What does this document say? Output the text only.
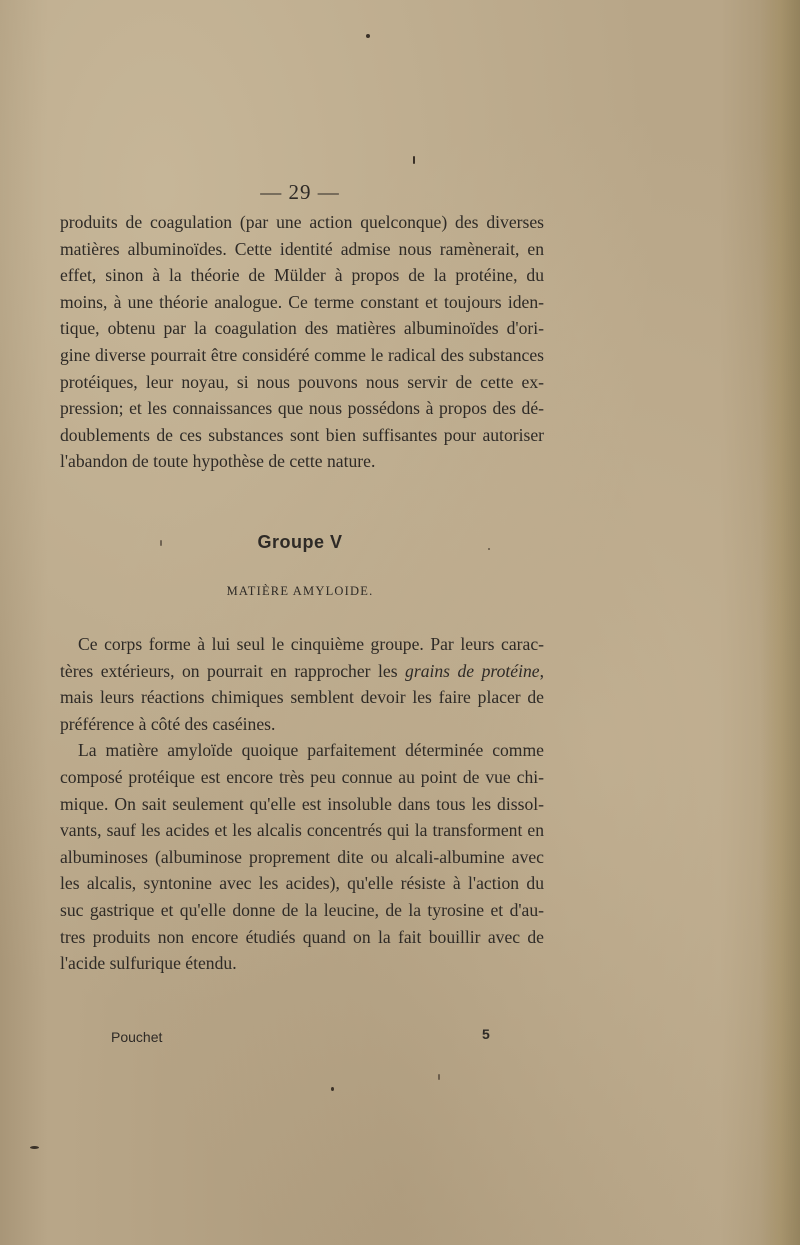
— 29 —
produits de coagulation (par une action quelconque) des diverses
matières albuminoïdes. Cette identité admise nous ramènerait, en
effet, sinon à la théorie de Mülder à propos de la protéine, du
moins, à une théorie analogue. Ce terme constant et toujours iden-
tique, obtenu par la coagulation des matières albuminoïdes d'ori-
gine diverse pourrait être considéré comme le radical des substances
protéiques, leur noyau, si nous pouvons nous servir de cette ex-
pression; et les connaissances que nous possédons à propos des dé-
doublements de ces substances sont bien suffisantes pour autoriser
l'abandon de toute hypothèse de cette nature.
Groupe V
MATIÈRE AMYLOIDE.
Ce corps forme à lui seul le cinquième groupe. Par leurs carac-
tères extérieurs, on pourrait en rapprocher les grains de protéine,
mais leurs réactions chimiques semblent devoir les faire placer de
préférence à côté des caséines.
La matière amyloïde quoique parfaitement déterminée comme
composé protéique est encore très peu connue au point de vue chi-
mique. On sait seulement qu'elle est insoluble dans tous les dissol-
vants, sauf les acides et les alcalis concentrés qui la transforment en
albuminoses (albuminose proprement dite ou alcali-albumine avec
les alcalis, syntonine avec les acides), qu'elle résiste à l'action du
suc gastrique et qu'elle donne de la leucine, de la tyrosine et d'au-
tres produits non encore étudiés quand on la fait bouillir avec de
l'acide sulfurique étendu.
Pouchet	5
